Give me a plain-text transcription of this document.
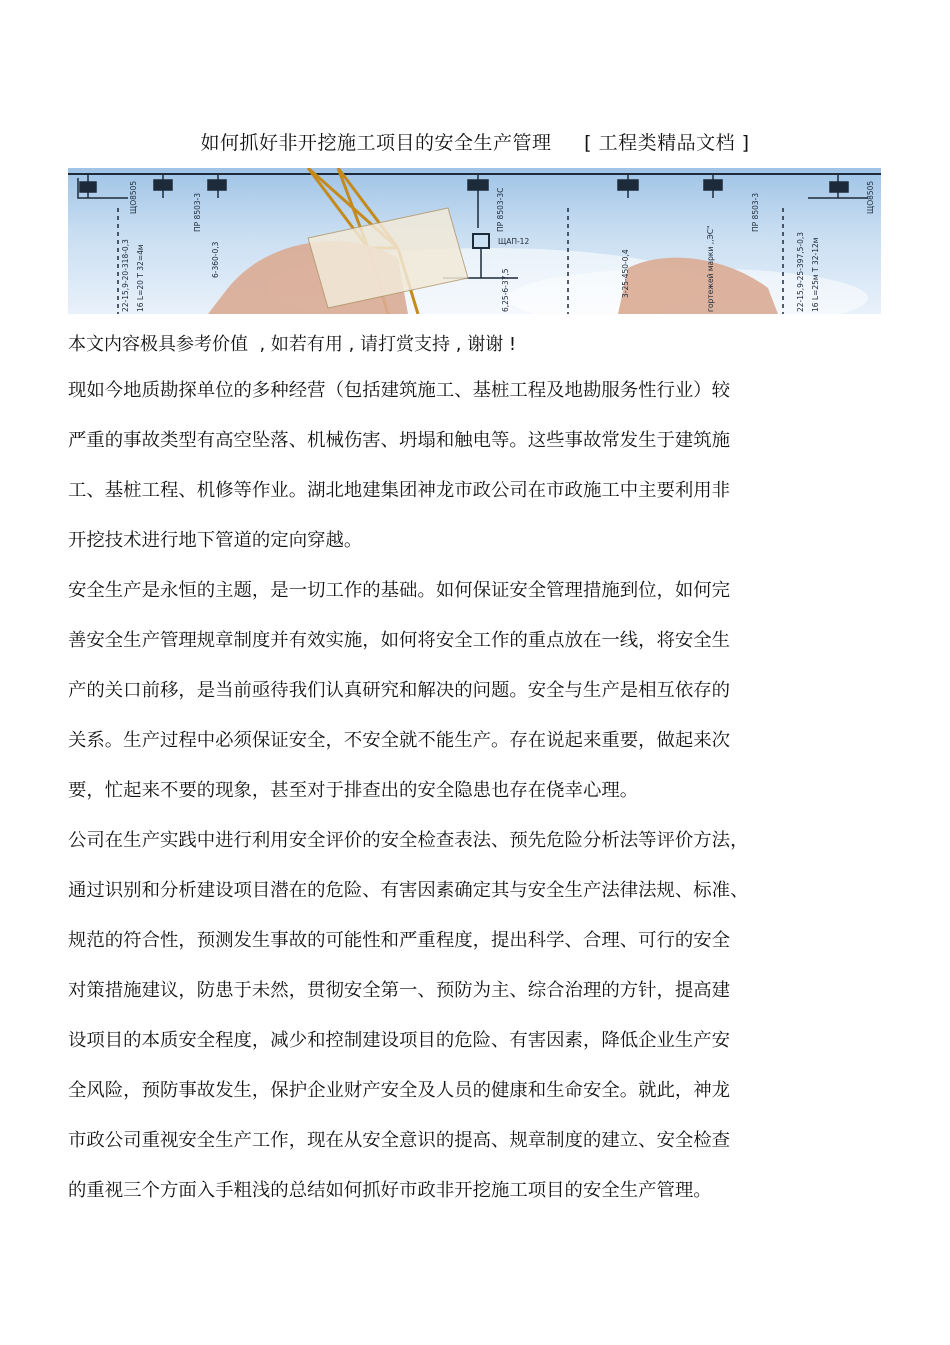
如何抓好非开挖施工项目的安全生产管理     [ 工程类精品文档 ]
ПР 8503-3	ПР 8503-3С	ПР 8503-3
ЩАП-12
ЩО8505	ЩО8505
6-360-0,3
22-15,9-20-318-0,3 16 L=20 T 32=4м	6,25-6-37,5	3-25-450-0,4	гортежей марки ,,ЭС"	22-15,9-25-397,5-0,3 16 L=25м T 32-12м
本文内容极具参考价值  , 如若有用 , 请打赏支持 , 谢谢 !
现如今地质勘探单位的多种经营（包括建筑施工、基桩工程及地勘服务性行业）较
严重的事故类型有高空坠落、机械伤害、坍塌和触电等。这些事故常发生于建筑施
工、基桩工程、机修等作业。湖北地建集团神龙市政公司在市政施工中主要利用非
开挖技术进行地下管道的定向穿越。
安全生产是永恒的主题，是一切工作的基础。如何保证安全管理措施到位，如何完
善安全生产管理规章制度并有效实施，如何将安全工作的重点放在一线，将安全生
产的关口前移，是当前亟待我们认真研究和解决的问题。安全与生产是相互依存的
关系。生产过程中必须保证安全，不安全就不能生产。存在说起来重要，做起来次
要，忙起来不要的现象，甚至对于排查出的安全隐患也存在侥幸心理。
公司在生产实践中进行利用安全评价的安全检查表法、预先危险分析法等评价方法，
通过识别和分析建设项目潜在的危险、有害因素确定其与安全生产法律法规、标准、
规范的符合性，预测发生事故的可能性和严重程度，提出科学、合理、可行的安全
对策措施建议，防患于未然，贯彻安全第一、预防为主、综合治理的方针，提高建
设项目的本质安全程度，减少和控制建设项目的危险、有害因素，降低企业生产安
全风险，预防事故发生，保护企业财产安全及人员的健康和生命安全。就此，神龙
市政公司重视安全生产工作，现在从安全意识的提高、规章制度的建立、安全检查
的重视三个方面入手粗浅的总结如何抓好市政非开挖施工项目的安全生产管理。
